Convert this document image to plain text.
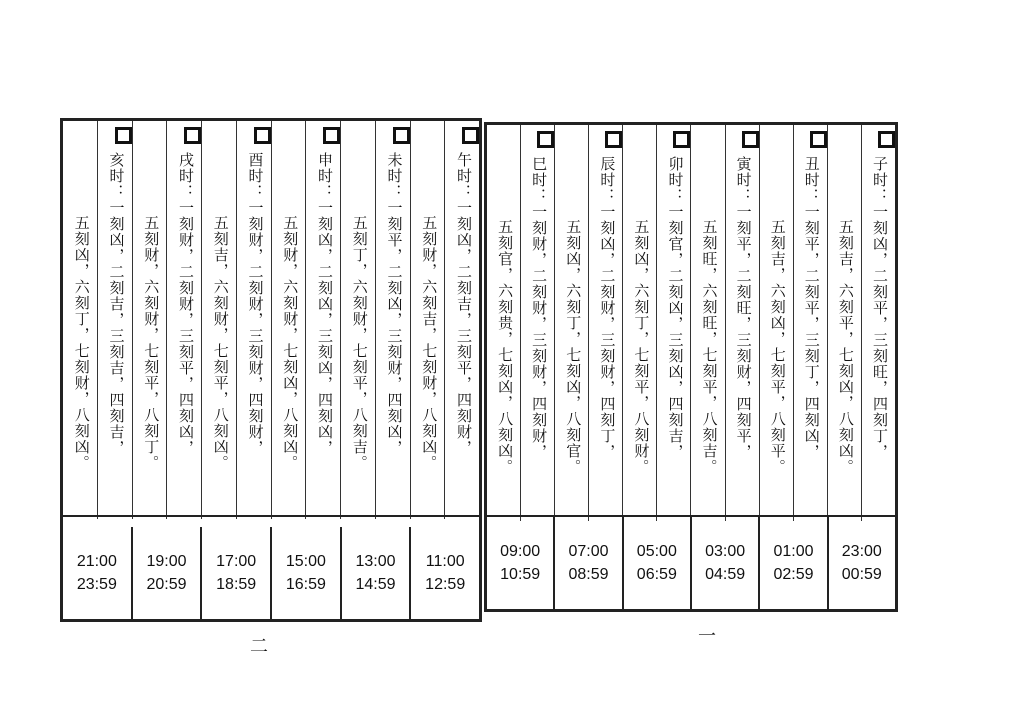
五刻凶，六刻丁，七刻财，八刻凶。	亥时：一刻凶，二刻吉，三刻吉，四刻吉，	五刻财，六刻财，七刻平，八刻丁。	戌时：一刻财，二刻财，三刻平，四刻凶，	五刻吉，六刻财，七刻平，八刻凶。	酉时：一刻财，二刻财，三刻财，四刻财，	五刻财，六刻财，七刻凶，八刻凶。	申时：一刻凶，二刻凶，三刻凶，四刻凶，	五刻丁，六刻财，七刻平，八刻吉。	未时：一刻平，二刻凶，三刻财，四刻凶，	五刻财，六刻吉，七刻财，八刻凶。	午时：一刻凶，二刻吉，三刻平，四刻财，
21:00
23:59
19:00
20:59
17:00
18:59
15:00
16:59
13:00
14:59
11:00
12:59
二
五刻官，六刻贵，七刻凶，八刻凶。	巳时：一刻财，二刻财，三刻财，四刻财，	五刻凶，六刻丁，七刻凶，八刻官。	辰时：一刻凶，二刻财，三刻财，四刻丁，	五刻凶，六刻丁，七刻平，八刻财。	卯时：一刻官，二刻凶，三刻凶，四刻吉，	五刻旺，六刻旺，七刻平，八刻吉。	寅时：一刻平，二刻旺，三刻财，四刻平，	五刻吉，六刻凶，七刻平，八刻平。	丑时：一刻平，二刻平，三刻丁，四刻凶，	五刻吉，六刻平，七刻凶，八刻凶。	子时：一刻凶，二刻平，三刻旺，四刻丁，
09:00
10:59
07:00
08:59
05:00
06:59
03:00
04:59
01:00
02:59
23:00
00:59
一
